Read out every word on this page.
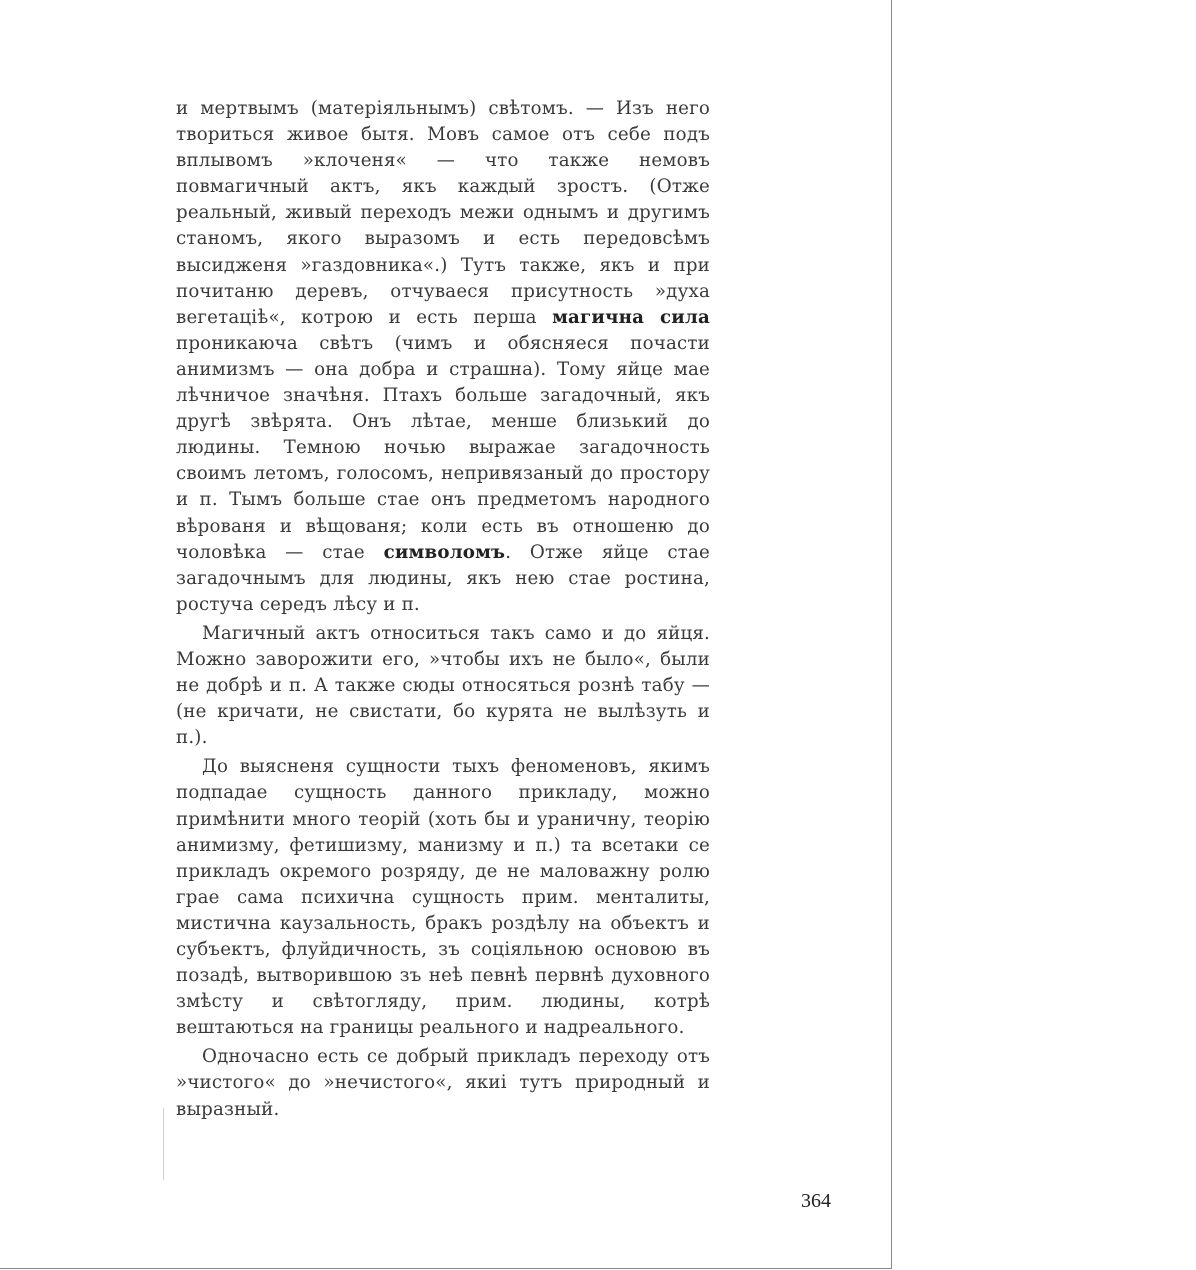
и мертвымъ (матеріяльнымъ) свѣтомъ. — Изъ него творитьcя живое бытя. Мовъ самое отъ себе подъ вплывомъ »клоченя« — что также немовъ повмагичный актъ, якъ каждый зростъ. (Отже реальный, живый переходъ межи однымъ и другимъ станомъ, якого выразомъ и есть передовсѣмъ высидженя »газдовника«.) Тутъ также, якъ и при почитаню деревъ, отчуваеся присутность »духа вегетаціѣ«, котрою и есть перша магична сила проникаюча свѣтъ (чимъ и обясняеся почасти анимизмъ — она добра и страшна). Тому яйце мае лѣчничое значѣня. Птахъ больше загадочный, якъ другѣ звѣрята. Онъ лѣтае, менше близький до людины. Темною ночью выражае загадочность своимъ летомъ, голосомъ, непривязаный до простору и п. Тымъ больше стае онъ предметомъ народного вѣрованя и вѣщованя; коли есть въ отношеню до чоловѣка — стае символомъ. Отже яйце стае загадочнымъ для людины, якъ нею стае ростина, ростуча середъ лѣсу и п.

Магичный актъ относиться такъ само и до яйця. Можно заворожити его, »чтобы ихъ не было«, были не добрѣ и п. А также сюды относяться рознѣ табу — (не кричати, не свистати, бо курята не вылѣзуть и п.).

До выясненя сущности тыхъ феноменовъ, якимъ подпадае сущность данного прикладу, можно примѣнити много теорій (хоть бы и ураничну, теорію анимизму, фетишизму, манизму и п.) та всетаки се прикладъ окремого розряду, де не маловажну ролю грае сама психична сущность прим. менталиты, мистична каузальность, бракъ роздѣлу на объектъ и субъектъ, флуйдичность, зъ соціяльною основою въ позадѣ, вытворившою зъ неѣ певнѣ первнѣ духовного змѣсту и свѣтогляду, прим. людины, котрѣ вештаються на границы реального и надреального.

Одночасно есть се добрый прикладъ переходу отъ »чистого« до »нечистого«, якиі тутъ природный и выразный.

364
